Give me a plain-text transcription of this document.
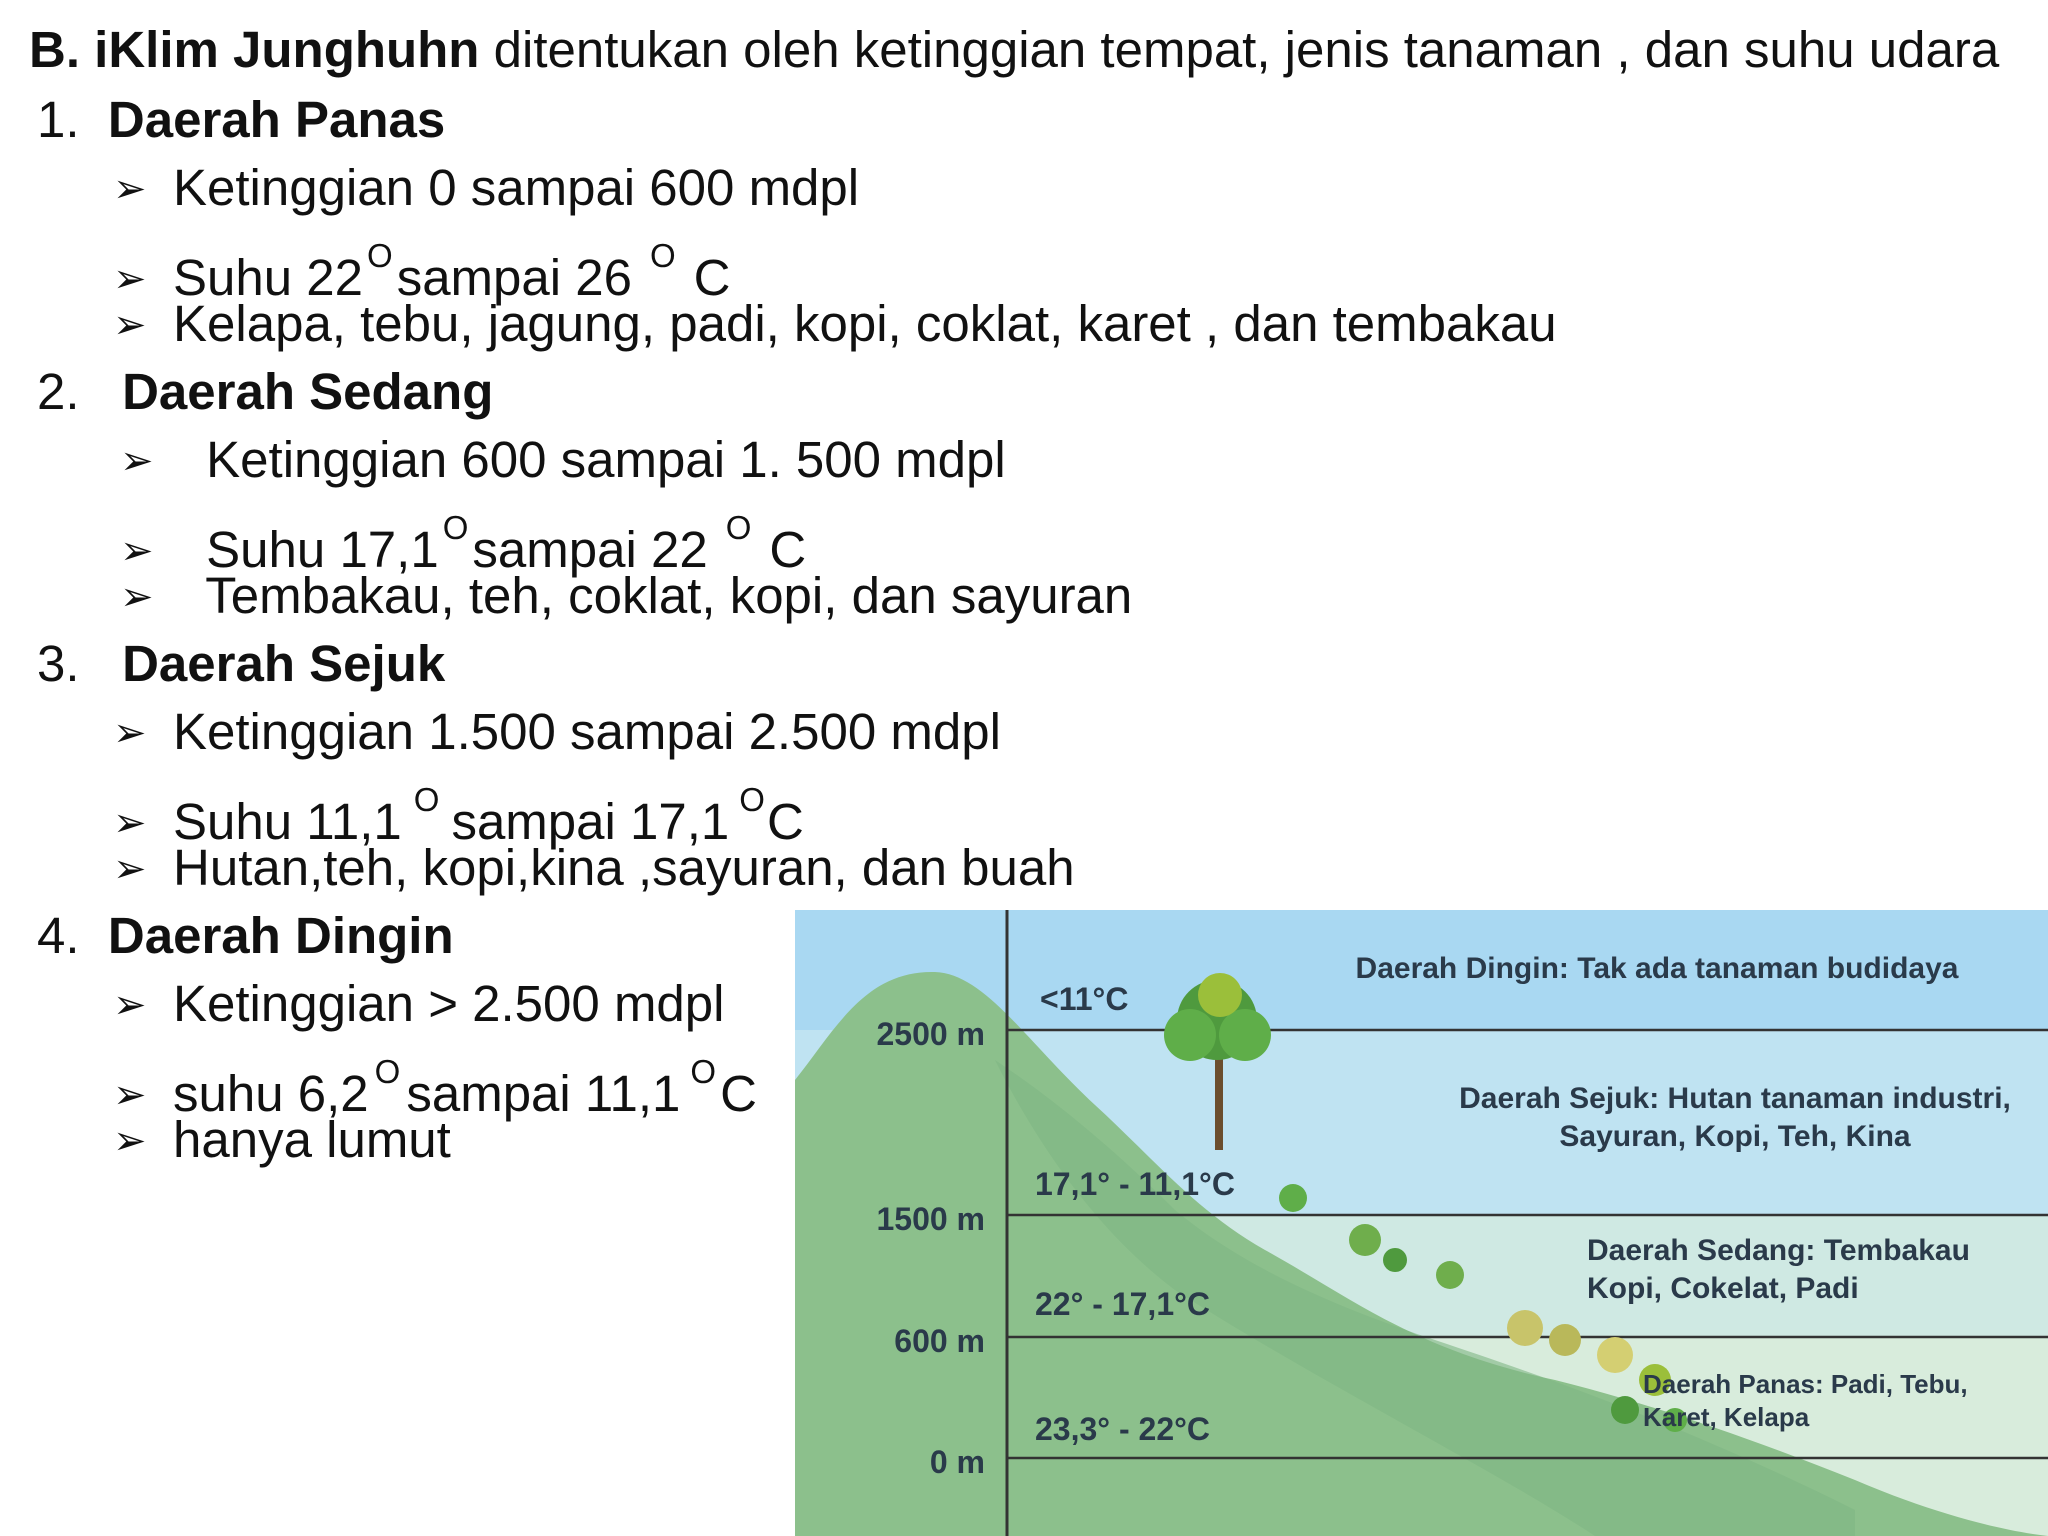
B. iKlim Junghuhn ditentukan oleh ketinggian tempat, jenis tanaman , dan suhu udara
1. Daerah Panas
➢ Ketinggian 0 sampai 600 mdpl
➢ Suhu 22 $^O$sampai 26 $^O$ C
➢ Kelapa, tebu, jagung, padi, kopi, coklat, karet , dan tembakau
2. Daerah Sedang
➢ Ketinggian 600 sampai 1. 500 mdpl
➢ Suhu 17,1 $^O$sampai 22 $^O$ C
➢ Tembakau, teh, coklat, kopi, dan sayuran
3. Daerah Sejuk
➢ Ketinggian 1.500 sampai 2.500 mdpl
➢ Suhu 11,1 $^O$ sampai 17,1 $^O$C
➢ Hutan,teh, kopi,kina ,sayuran, dan buah
4. Daerah Dingin
➢ Ketinggian > 2.500 mdpl
➢ suhu 6,2 $^O$ sampai 11,1 $^O$C
➢ hanya lumut
2500 m
1500 m
600 m
0 m
<11°C
17,1° - 11,1°C
22° - 17,1°C
23,3° - 22°C
Daerah Dingin: Tak ada tanaman budidaya
Daerah Sejuk: Hutan tanaman industri,
Sayuran, Kopi, Teh, Kina
Daerah Sedang: Tembakau
Kopi, Cokelat, Padi
Daerah Panas: Padi, Tebu,
Karet, Kelapa
